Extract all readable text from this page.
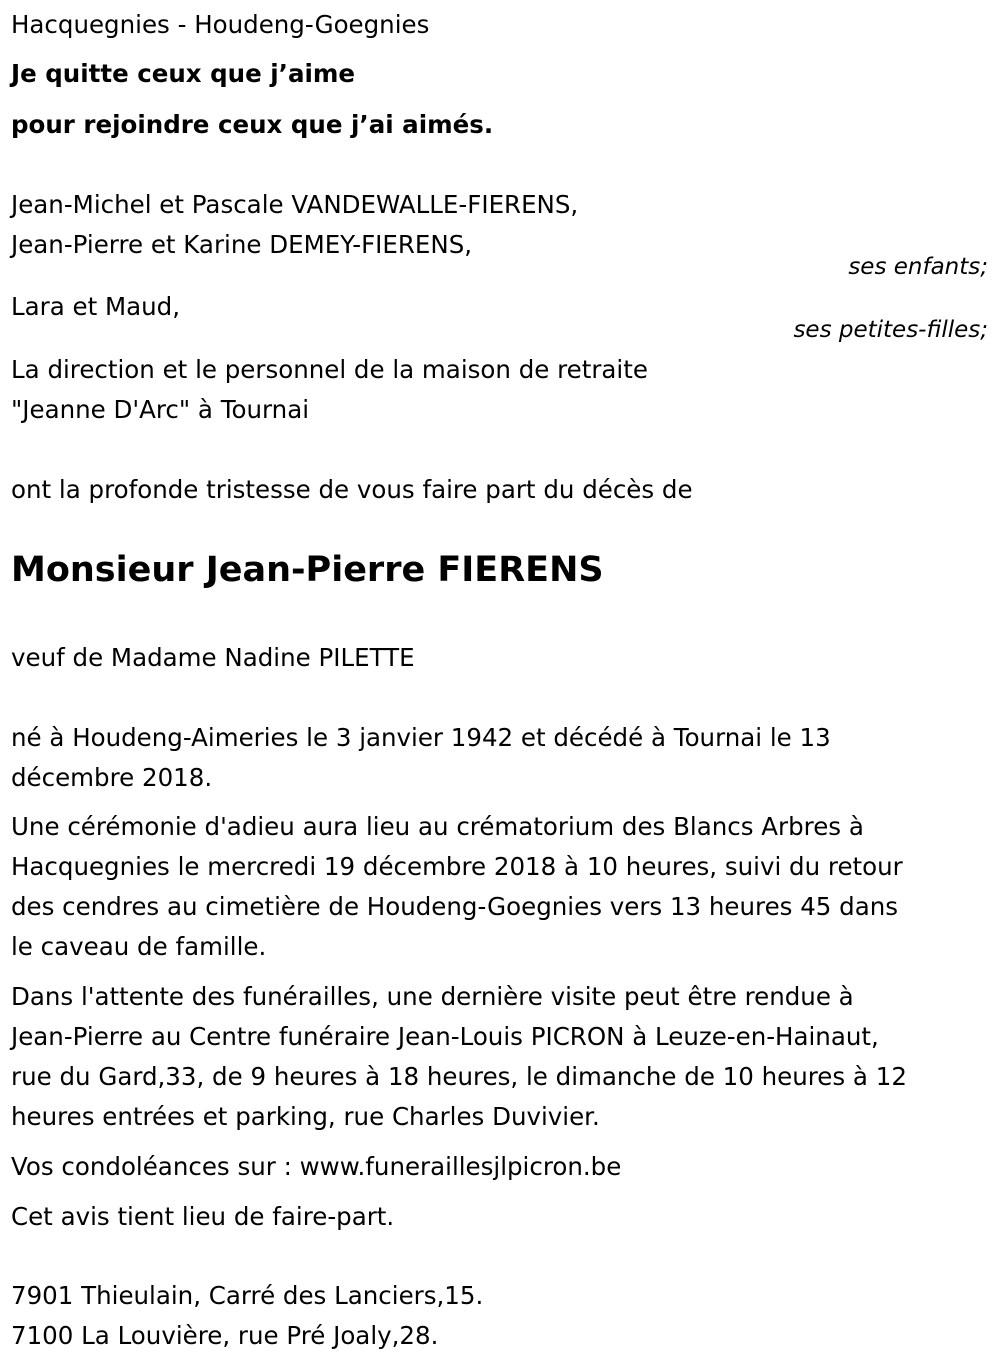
Hacquegnies - Houdeng-Goegnies

Je quitte ceux que j’aime

pour rejoindre ceux que j’ai aimés.

Jean-Michel et Pascale VANDEWALLE-FIERENS,

Jean-Pierre et Karine DEMEY-FIERENS,

ses enfants;

Lara et Maud,

ses petites-filles;

La direction et le personnel de la maison de retraite

"Jeanne D'Arc" à Tournai

ont la profonde tristesse de vous faire part du décès de

Monsieur Jean-Pierre FIERENS

veuf de Madame Nadine PILETTE

né à Houdeng-Aimeries le 3 janvier 1942 et décédé à Tournai le 13

décembre 2018.

Une cérémonie d'adieu aura lieu au crématorium des Blancs Arbres à

Hacquegnies le mercredi 19 décembre 2018 à 10 heures, suivi du retour

des cendres au cimetière de Houdeng-Goegnies vers 13 heures 45 dans

le caveau de famille.

Dans l'attente des funérailles, une dernière visite peut être rendue à

Jean-Pierre au Centre funéraire Jean-Louis PICRON à Leuze-en-Hainaut,

rue du Gard,33, de 9 heures à 18 heures, le dimanche de 10 heures à 12

heures entrées et parking, rue Charles Duvivier.

Vos condoléances sur : www.funeraillesjlpicron.be

Cet avis tient lieu de faire-part.

7901 Thieulain, Carré des Lanciers,15.

7100 La Louvière, rue Pré Joaly,28.
